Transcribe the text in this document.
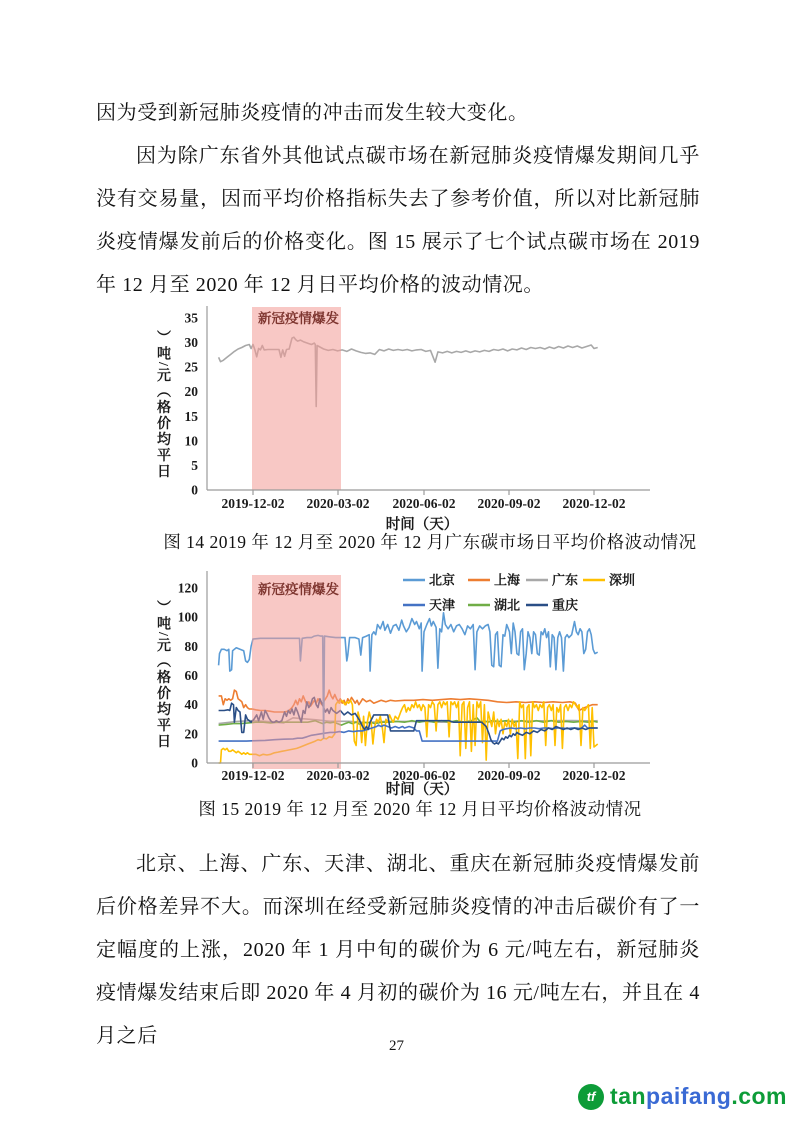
因为受到新冠肺炎疫情的冲击而发生较大变化。

因为除广东省外其他试点碳市场在新冠肺炎疫情爆发期间几乎没有交易量，因而平均价格指标失去了参考价值，所以对比新冠肺炎疫情爆发前后的价格变化。图 15 展示了七个试点碳市场在 2019 年 12 月至 2020 年 12 月日平均价格的波动情况。

新冠疫情爆发
0
5
10
15
20
25
30
35
2019-12-02 2020-03-02 2020-06-02 2020-09-02 2020-12-02
时间（天）
）吨/元（格价均平日
图 14 2019 年 12 月至 2020 年 12 月广东碳市场日平均价格波动情况
新冠疫情爆发
0
20
40
60
80
100
120
2019-12-02 2020-03-02 2020-06-02 2020-09-02 2020-12-02
时间（天）
北京	上海 广东 深圳
天津	湖北 重庆
）吨/元（格价均平日
图 15 2019 年 12 月至 2020 年 12 月日平均价格波动情况

北京、上海、广东、天津、湖北、重庆在新冠肺炎疫情爆发前后价格差异不大。而深圳在经受新冠肺炎疫情的冲击后碳价有了一定幅度的上涨，2020 年 1 月中旬的碳价为 6 元/吨左右，新冠肺炎疫情爆发结束后即 2020 年 4 月初的碳价为 16 元/吨左右，并且在 4 月之后	27
tf tanpaifang.com
